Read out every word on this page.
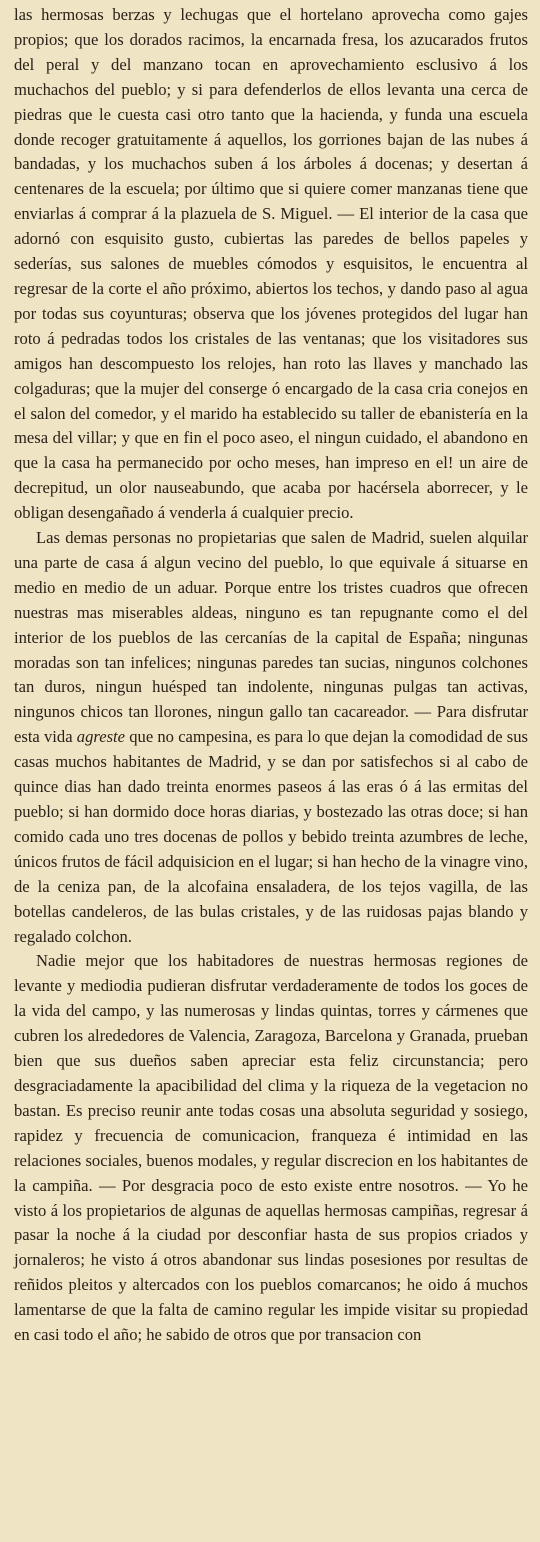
las hermosas berzas y lechugas que el hortelano aprovecha como gajes propios; que los dorados racimos, la encarnada fresa, los azucarados frutos del peral y del manzano tocan en aprovechamiento esclusivo á los muchachos del pueblo; y si para defenderlos de ellos levanta una cerca de piedras que le cuesta casi otro tanto que la hacienda, y funda una escuela donde recoger gratuitamente á aquellos, los gorriones bajan de las nubes á bandadas, y los muchachos suben á los árboles á docenas; y desertan á centenares de la escuela; por último que si quiere comer manzanas tiene que enviarlas á comprar á la plazuela de S. Miguel. — El interior de la casa que adornó con esquisito gusto, cubiertas las paredes de bellos papeles y sederías, sus salones de muebles cómodos y esquisitos, le encuentra al regresar de la corte el año próximo, abiertos los techos, y dando paso al agua por todas sus coyunturas; observa que los jóvenes protegidos del lugar han roto á pedradas todos los cristales de las ventanas; que los visitadores sus amigos han descompuesto los relojes, han roto las llaves y manchado las colgaduras; que la mujer del conserge ó encargado de la casa cria conejos en el salon del comedor, y el marido ha establecido su taller de ebanistería en la mesa del villar; y que en fin el poco aseo, el ningun cuidado, el abandono en que la casa ha permanecido por ocho meses, han impreso en el! un aire de decrepitud, un olor nauseabundo, que acaba por hacérsela aborrecer, y le obligan desengañado á venderla á cualquier precio.

Las demas personas no propietarias que salen de Madrid, suelen alquilar una parte de casa á algun vecino del pueblo, lo que equivale á situarse en medio en medio de un aduar. Porque entre los tristes cuadros que ofrecen nuestras mas miserables aldeas, ninguno es tan repugnante como el del interior de los pueblos de las cercanías de la capital de España; ningunas moradas son tan infelices; ningunas paredes tan sucias, ningunos colchones tan duros, ningun huésped tan indolente, ningunas pulgas tan activas, ningunos chicos tan llorones, ningun gallo tan cacareador. — Para disfrutar esta vida agreste que no campesina, es para lo que dejan la comodidad de sus casas muchos habitantes de Madrid, y se dan por satisfechos si al cabo de quince dias han dado treinta enormes paseos á las eras ó á las ermitas del pueblo; si han dormido doce horas diarias, y bostezado las otras doce; si han comido cada uno tres docenas de pollos y bebido treinta azumbres de leche, únicos frutos de fácil adquisicion en el lugar; si han hecho de la vinagre vino, de la ceniza pan, de la alcofaina ensaladera, de los tejos vagilla, de las botellas candeleros, de las bulas cristales, y de las ruidosas pajas blando y regalado colchon.

Nadie mejor que los habitadores de nuestras hermosas regiones de levante y mediodia pudieran disfrutar verdaderamente de todos los goces de la vida del campo, y las numerosas y lindas quintas, torres y cármenes que cubren los alrededores de Valencia, Zaragoza, Barcelona y Granada, prueban bien que sus dueños saben apreciar esta feliz circunstancia; pero desgraciadamente la apacibilidad del clima y la riqueza de la vegetacion no bastan. Es preciso reunir ante todas cosas una absoluta seguridad y sosiego, rapidez y frecuencia de comunicacion, franqueza é intimidad en las relaciones sociales, buenos modales, y regular discrecion en los habitantes de la campiña. — Por desgracia poco de esto existe entre nosotros. — Yo he visto á los propietarios de algunas de aquellas hermosas campiñas, regresar á pasar la noche á la ciudad por desconfiar hasta de sus propios criados y jornaleros; he visto á otros abandonar sus lindas posesiones por resultas de reñidos pleitos y altercados con los pueblos comarcanos; he oido á muchos lamentarse de que la falta de camino regular les impide visitar su propiedad en casi todo el año; he sabido de otros que por transacion con
